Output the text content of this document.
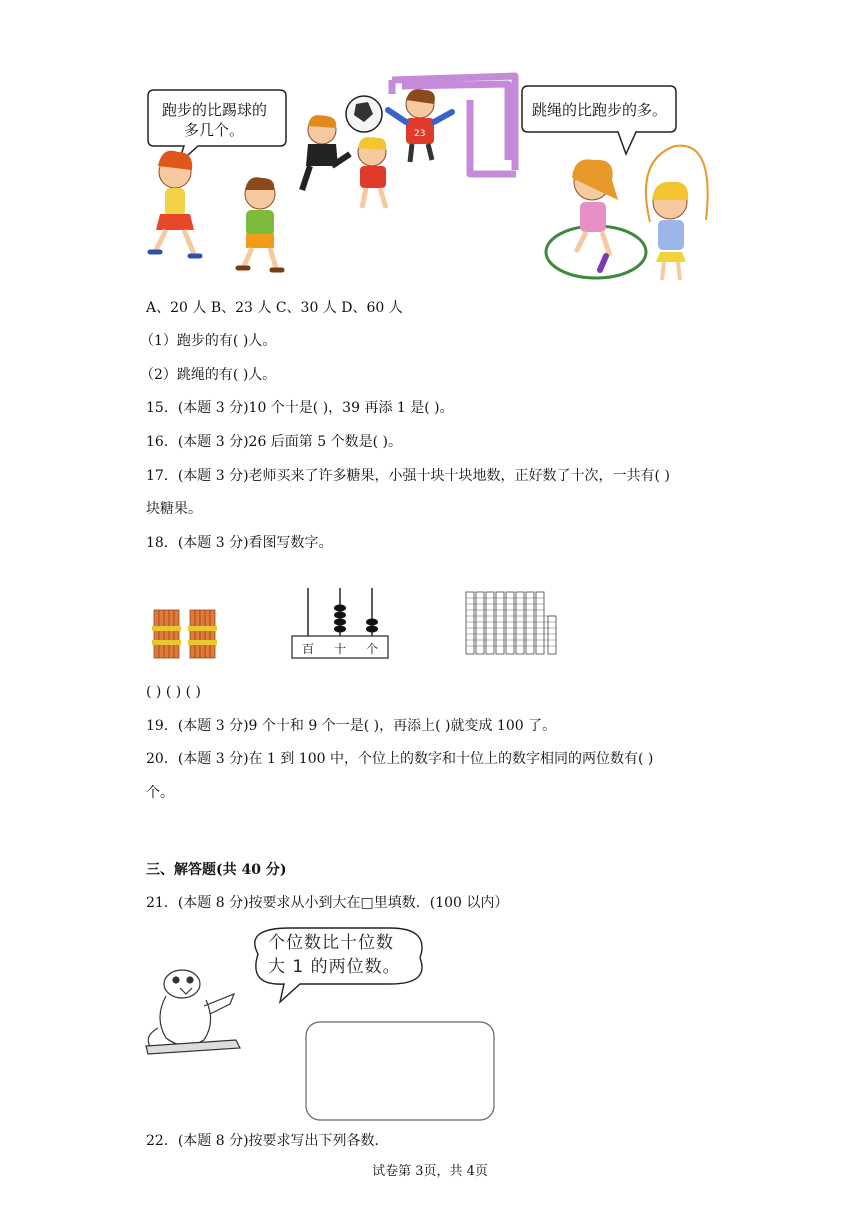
23
跑步的比踢球的
多几个。
跳绳的比跑步的多。
A、20 人 B、23 人 C、30 人 D、60 人
（1）跑步的有( )人。
（2）跳绳的有( )人。
15．(本题 3 分)10 个十是( )，39 再添 1 是( )。
16．(本题 3 分)26 后面第 5 个数是( )。
17．(本题 3 分)老师买来了许多糖果，小强十块十块地数，正好数了十次，一共有( )
块糖果。
18．(本题 3 分)看图写数字。
百 十 个
( ) ( ) ( )
19．(本题 3 分)9 个十和 9 个一是( )，再添上( )就变成 100 了。
20．(本题 3 分)在 1 到 100 中，个位上的数字和十位上的数字相同的两位数有( )
个。
三、解答题(共 40 分)
21．(本题 8 分)按要求从小到大在□里填数．(100 以内）
个位数比十位数
大 1 的两位数。
22．(本题 8 分)按要求写出下列各数．
试卷第 3页，共 4页
